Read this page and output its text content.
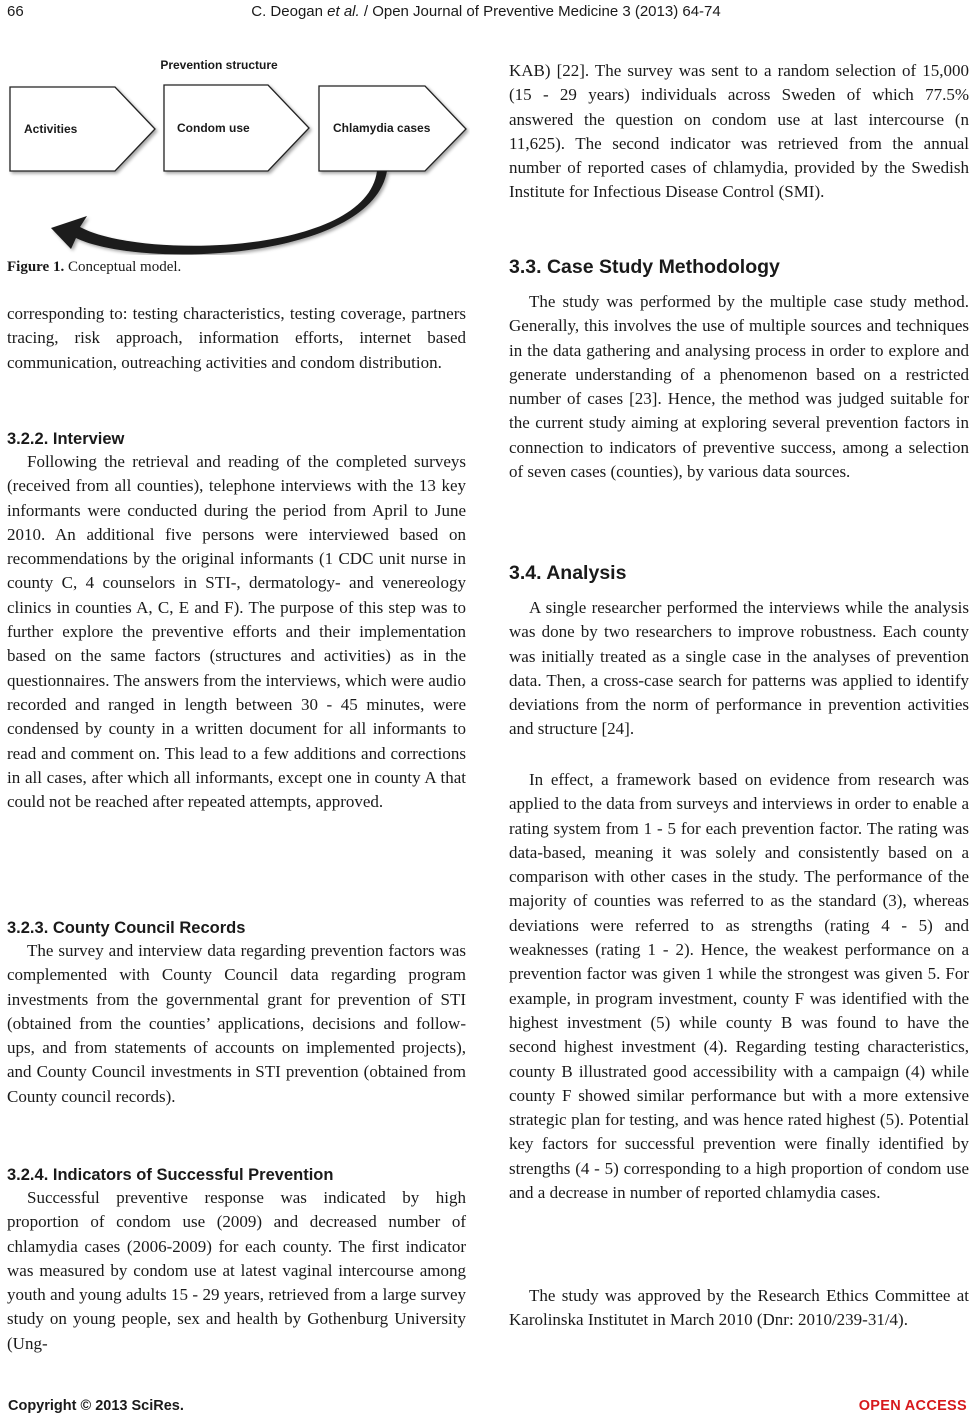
66	C. Deogan et al. / Open Journal of Preventive Medicine 3 (2013) 64-74
Prevention structure
Activities	Condom use	Chlamydia cases
Figure 1. Conceptual model.

corresponding to: testing characteristics, testing coverage, partners tracing, risk approach, information efforts, internet based communication, outreaching activities and condom distribution.

3.2.2. Interview

Following the retrieval and reading of the completed surveys (received from all counties), telephone interviews with the 13 key informants were conducted during the period from April to June 2010. An additional five persons were interviewed based on recommendations by the original informants (1 CDC unit nurse in county C, 4 counselors in STI-, dermatology- and venereology clinics in counties A, C, E and F). The purpose of this step was to further explore the preventive efforts and their implementation based on the same factors (structures and activities) as in the questionnaires. The answers from the interviews, which were audio recorded and ranged in length between 30 - 45 minutes, were condensed by county in a written document for all informants to read and comment on. This lead to a few additions and corrections in all cases, after which all informants, except one in county A that could not be reached after repeated attempts, approved.

3.2.3. County Council Records

The survey and interview data regarding prevention factors was complemented with County Council data regarding program investments from the governmental grant for prevention of STI (obtained from the counties’ applications, decisions and follow-ups, and from statements of accounts on implemented projects), and County Council investments in STI prevention (obtained from County council records).

3.2.4. Indicators of Successful Prevention

Successful preventive response was indicated by high proportion of condom use (2009) and decreased number of chlamydia cases (2006-2009) for each county. The first indicator was measured by condom use at latest vaginal intercourse among youth and young adults 15 - 29 years, retrieved from a large survey study on young people, sex and health by Gothenburg University (Ung-

KAB) [22]. The survey was sent to a random selection of 15,000 (15 - 29 years) individuals across Sweden of which 77.5% answered the question on condom use at last intercourse (n 11,625). The second indicator was retrieved from the annual number of reported cases of chlamydia, provided by the Swedish Institute for Infectious Disease Control (SMI).

3.3. Case Study Methodology

The study was performed by the multiple case study method. Generally, this involves the use of multiple sources and techniques in the data gathering and analysing process in order to explore and generate understanding of a phenomenon based on a restricted number of cases [23]. Hence, the method was judged suitable for the current study aiming at exploring several prevention factors in connection to indicators of preventive success, among a selection of seven cases (counties), by various data sources.

3.4. Analysis

A single researcher performed the interviews while the analysis was done by two researchers to improve robustness. Each county was initially treated as a single case in the analyses of prevention data. Then, a cross-case search for patterns was applied to identify deviations from the norm of performance in prevention activities and structure [24].

In effect, a framework based on evidence from research was applied to the data from surveys and interviews in order to enable a rating system from 1 - 5 for each prevention factor. The rating was data-based, meaning it was solely and consistently based on a comparison with other cases in the study. The performance of the majority of counties was referred to as the standard (3), whereas deviations were referred to as strengths (rating 4 - 5) and weaknesses (rating 1 - 2). Hence, the weakest performance on a prevention factor was given 1 while the strongest was given 5. For example, in program investment, county F was identified with the highest investment (5) while county B was found to have the second highest investment (4). Regarding testing characteristics, county B illustrated good accessibility with a campaign (4) while county F showed similar performance but with a more extensive strategic plan for testing, and was hence rated highest (5). Potential key factors for successful prevention were finally identified by strengths (4 - 5) corresponding to a high proportion of condom use and a decrease in number of reported chlamydia cases.

The study was approved by the Research Ethics Committee at Karolinska Institutet in March 2010 (Dnr: 2010/239-31/4).

Copyright © 2013 SciRes.	OPEN ACCESS
